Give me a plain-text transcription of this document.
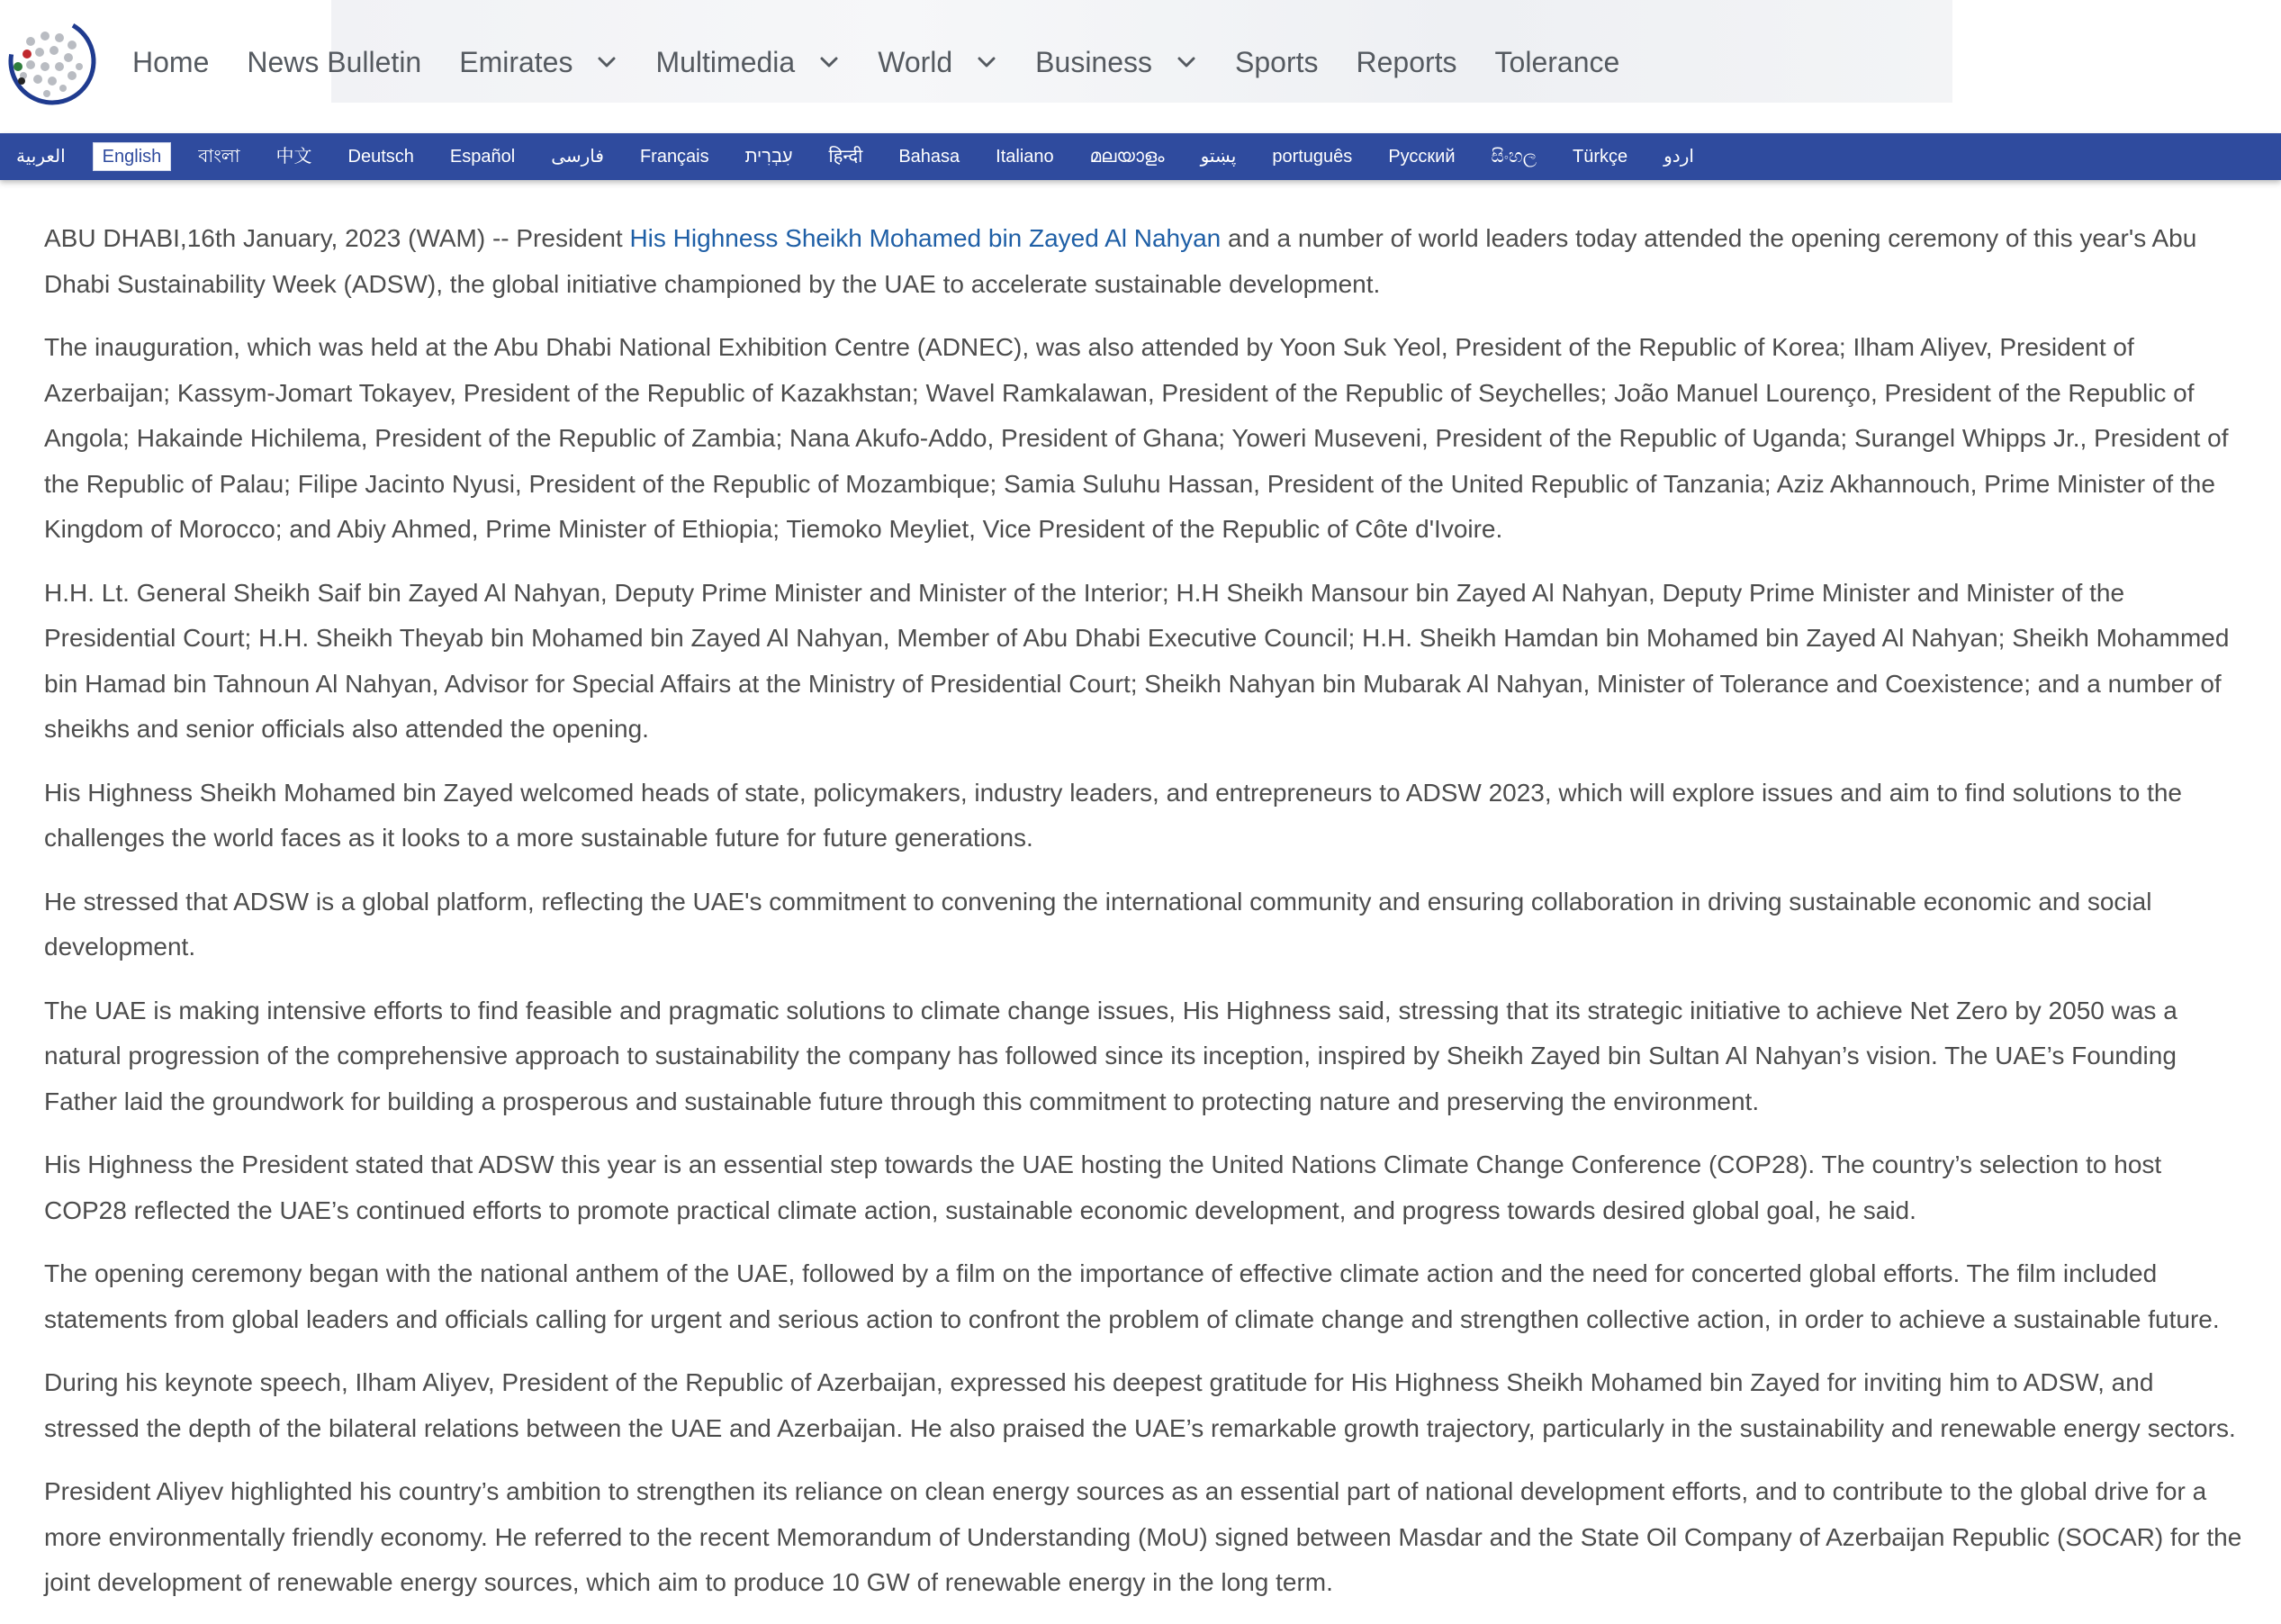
Home News Bulletin Emirates	Multimedia	World	Business	Sports Reports Tolerance
العربية	English	বাংলা	中文	Deutsch	Español	فارسی	Français	עִבְרִית	हिन्दी	Bahasa	Italiano	മലയാളം	پښتو	português	Русский	සිංහල	Türkçe	اردو

ABU DHABI,16th January, 2023 (WAM) -- President His Highness Sheikh Mohamed bin Zayed Al Nahyan and a number of world leaders today attended the opening ceremony of this year's Abu Dhabi Sustainability Week (ADSW), the global initiative championed by the UAE to accelerate sustainable development.

The inauguration, which was held at the Abu Dhabi National Exhibition Centre (ADNEC), was also attended by Yoon Suk Yeol, President of the Republic of Korea; Ilham Aliyev, President of Azerbaijan; Kassym-Jomart Tokayev, President of the Republic of Kazakhstan; Wavel Ramkalawan, President of the Republic of Seychelles; João Manuel Lourenço, President of the Republic of Angola; Hakainde Hichilema, President of the Republic of Zambia; Nana Akufo-Addo, President of Ghana; Yoweri Museveni, President of the Republic of Uganda; Surangel Whipps Jr., President of the Republic of Palau; Filipe Jacinto Nyusi, President of the Republic of Mozambique; Samia Suluhu Hassan, President of the United Republic of Tanzania; Aziz Akhannouch, Prime Minister of the Kingdom of Morocco; and Abiy Ahmed, Prime Minister of Ethiopia; Tiemoko Meyliet, Vice President of the Republic of Côte d'Ivoire.

H.H. Lt. General Sheikh Saif bin Zayed Al Nahyan, Deputy Prime Minister and Minister of the Interior; H.H Sheikh Mansour bin Zayed Al Nahyan, Deputy Prime Minister and Minister of the Presidential Court; H.H. Sheikh Theyab bin Mohamed bin Zayed Al Nahyan, Member of Abu Dhabi Executive Council; H.H. Sheikh Hamdan bin Mohamed bin Zayed Al Nahyan; Sheikh Mohammed bin Hamad bin Tahnoun Al Nahyan, Advisor for Special Affairs at the Ministry of Presidential Court; Sheikh Nahyan bin Mubarak Al Nahyan, Minister of Tolerance and Coexistence; and a number of sheikhs and senior officials also attended the opening.

His Highness Sheikh Mohamed bin Zayed welcomed heads of state, policymakers, industry leaders, and entrepreneurs to ADSW 2023, which will explore issues and aim to find solutions to the challenges the world faces as it looks to a more sustainable future for future generations.

He stressed that ADSW is a global platform, reflecting the UAE's commitment to convening the international community and ensuring collaboration in driving sustainable economic and social development.

The UAE is making intensive efforts to find feasible and pragmatic solutions to climate change issues, His Highness said, stressing that its strategic initiative to achieve Net Zero by 2050 was a natural progression of the comprehensive approach to sustainability the company has followed since its inception, inspired by Sheikh Zayed bin Sultan Al Nahyan’s vision. The UAE’s Founding Father laid the groundwork for building a prosperous and sustainable future through this commitment to protecting nature and preserving the environment.

His Highness the President stated that ADSW this year is an essential step towards the UAE hosting the United Nations Climate Change Conference (COP28). The country’s selection to host COP28 reflected the UAE’s continued efforts to promote practical climate action, sustainable economic development, and progress towards desired global goal, he said.

The opening ceremony began with the national anthem of the UAE, followed by a film on the importance of effective climate action and the need for concerted global efforts. The film included statements from global leaders and officials calling for urgent and serious action to confront the problem of climate change and strengthen collective action, in order to achieve a sustainable future.

During his keynote speech, Ilham Aliyev, President of the Republic of Azerbaijan, expressed his deepest gratitude for His Highness Sheikh Mohamed bin Zayed for inviting him to ADSW, and stressed the depth of the bilateral relations between the UAE and Azerbaijan. He also praised the UAE’s remarkable growth trajectory, particularly in the sustainability and renewable energy sectors.

President Aliyev highlighted his country’s ambition to strengthen its reliance on clean energy sources as an essential part of national development efforts, and to contribute to the global drive for a more environmentally friendly economy. He referred to the recent Memorandum of Understanding (MoU) signed between Masdar and the State Oil Company of Azerbaijan Republic (SOCAR) for the joint development of renewable energy sources, which aim to produce 10 GW of renewable energy in the long term.
